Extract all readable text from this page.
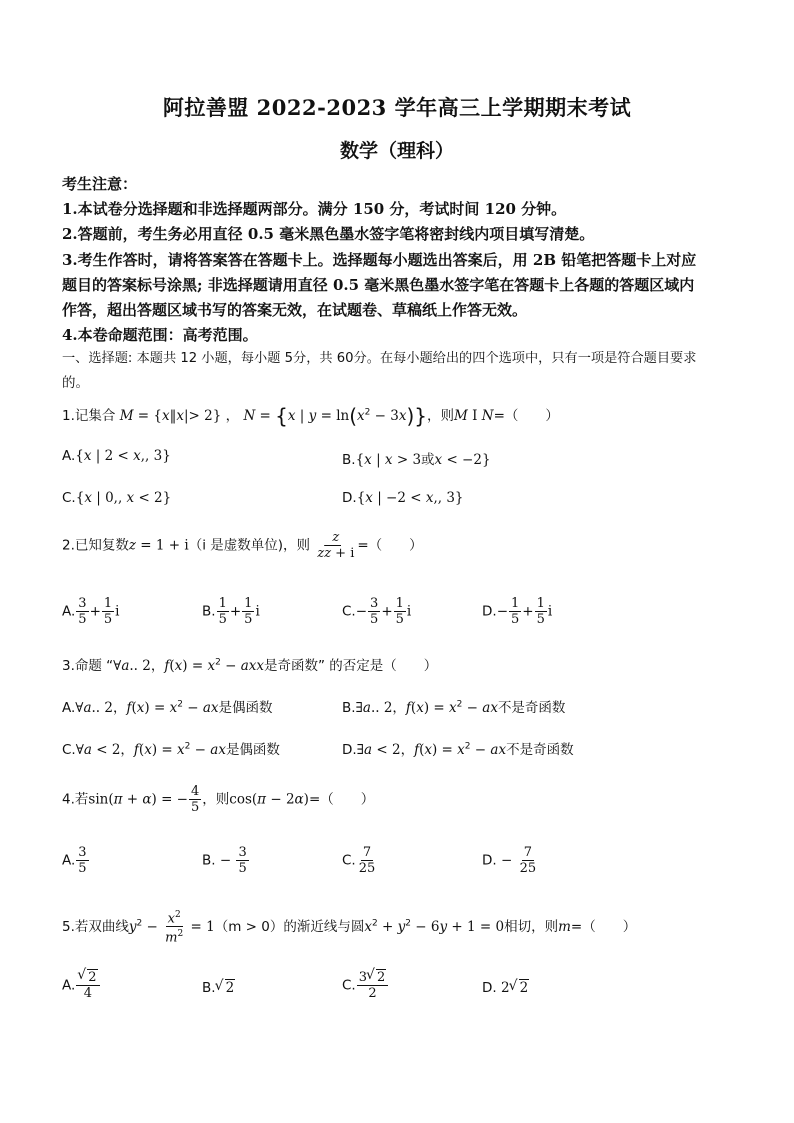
阿拉善盟 2022-2023 学年高三上学期期末考试
数学（理科）
考生注意：
1.本试卷分选择题和非选择题两部分。满分 150 分，考试时间 120 分钟。
2.答题前，考生务必用直径 0.5 毫米黑色墨水签字笔将密封线内项目填写清楚。
3.考生作答时，请将答案答在答题卡上。选择题每小题选出答案后，用 2B 铅笔把答题卡上对应
题目的答案标号涂黑; 非选择题请用直径 0.5 毫米黑色墨水签字笔在答题卡上各题的答题区域内
作答，超出答题区域书写的答案无效，在试题卷、草稿纸上作答无效。
4.本卷命题范围：高考范围。
一、选择题: 本题共 12 小题，每小题 5分，共 60分。在每小题给出的四个选项中，只有一项是符合题目要求
的。
1.记集合 M = {x‖x|> 2} ， N = {x | $y = \ln(x^2 - 3x)$}，则M I N=（　　）
A.{x | 2 < x,, 3}	B.{x | x > 3或x < −2}
C.{x | 0,, x < 2}	D.{x | −2 < x,, 3}
2.已知复数z = 1 + i（i 是虚数单位)，则 $\frac{z}{z\overline{z} + i}$ =（　　）
A. $\frac{3}{5} + \frac{1}{5}$ i	B. $\frac{1}{5} + \frac{1}{5}$ i	$C.- \frac{3}{5} + \frac{1}{5}$ i	$D.- \frac{1}{5} + \frac{1}{5}$ i
3.命题 “∀a.. 2，$f(x) = x^2$ − axx是奇函数” 的否定是（　　）
A.∀a.. 2，$f(x) = x^2$ − ax是偶函数	B.∃a.. 2，$f(x) = x^2$ − ax不是奇函数
C.∀a < 2，$f(x) = x^2$ − ax是偶函数	D.∃a < 2，$f(x) = x^2$ − ax不是奇函数
4.若sin(π + α) = − $\frac{4}{5}$ ，则cos(π − 2α)=（　　）
A. $\frac{3}{5}$	B. − $\frac{3}{5}$	C. $\frac{7}{25}$	D. − $\frac{7}{25}$
5.若双曲线$y^2 - \frac{x^2}{m^2} = 1(m > 0)$的渐近线与圆$x^2 + y^2 - 6y + 1 = 0$相切，则m=（　　）
A. √ $\frac{2}{4}$	B. √ 2	C. $\frac{3 √ 2}{2}$	D. 2 √ 2
